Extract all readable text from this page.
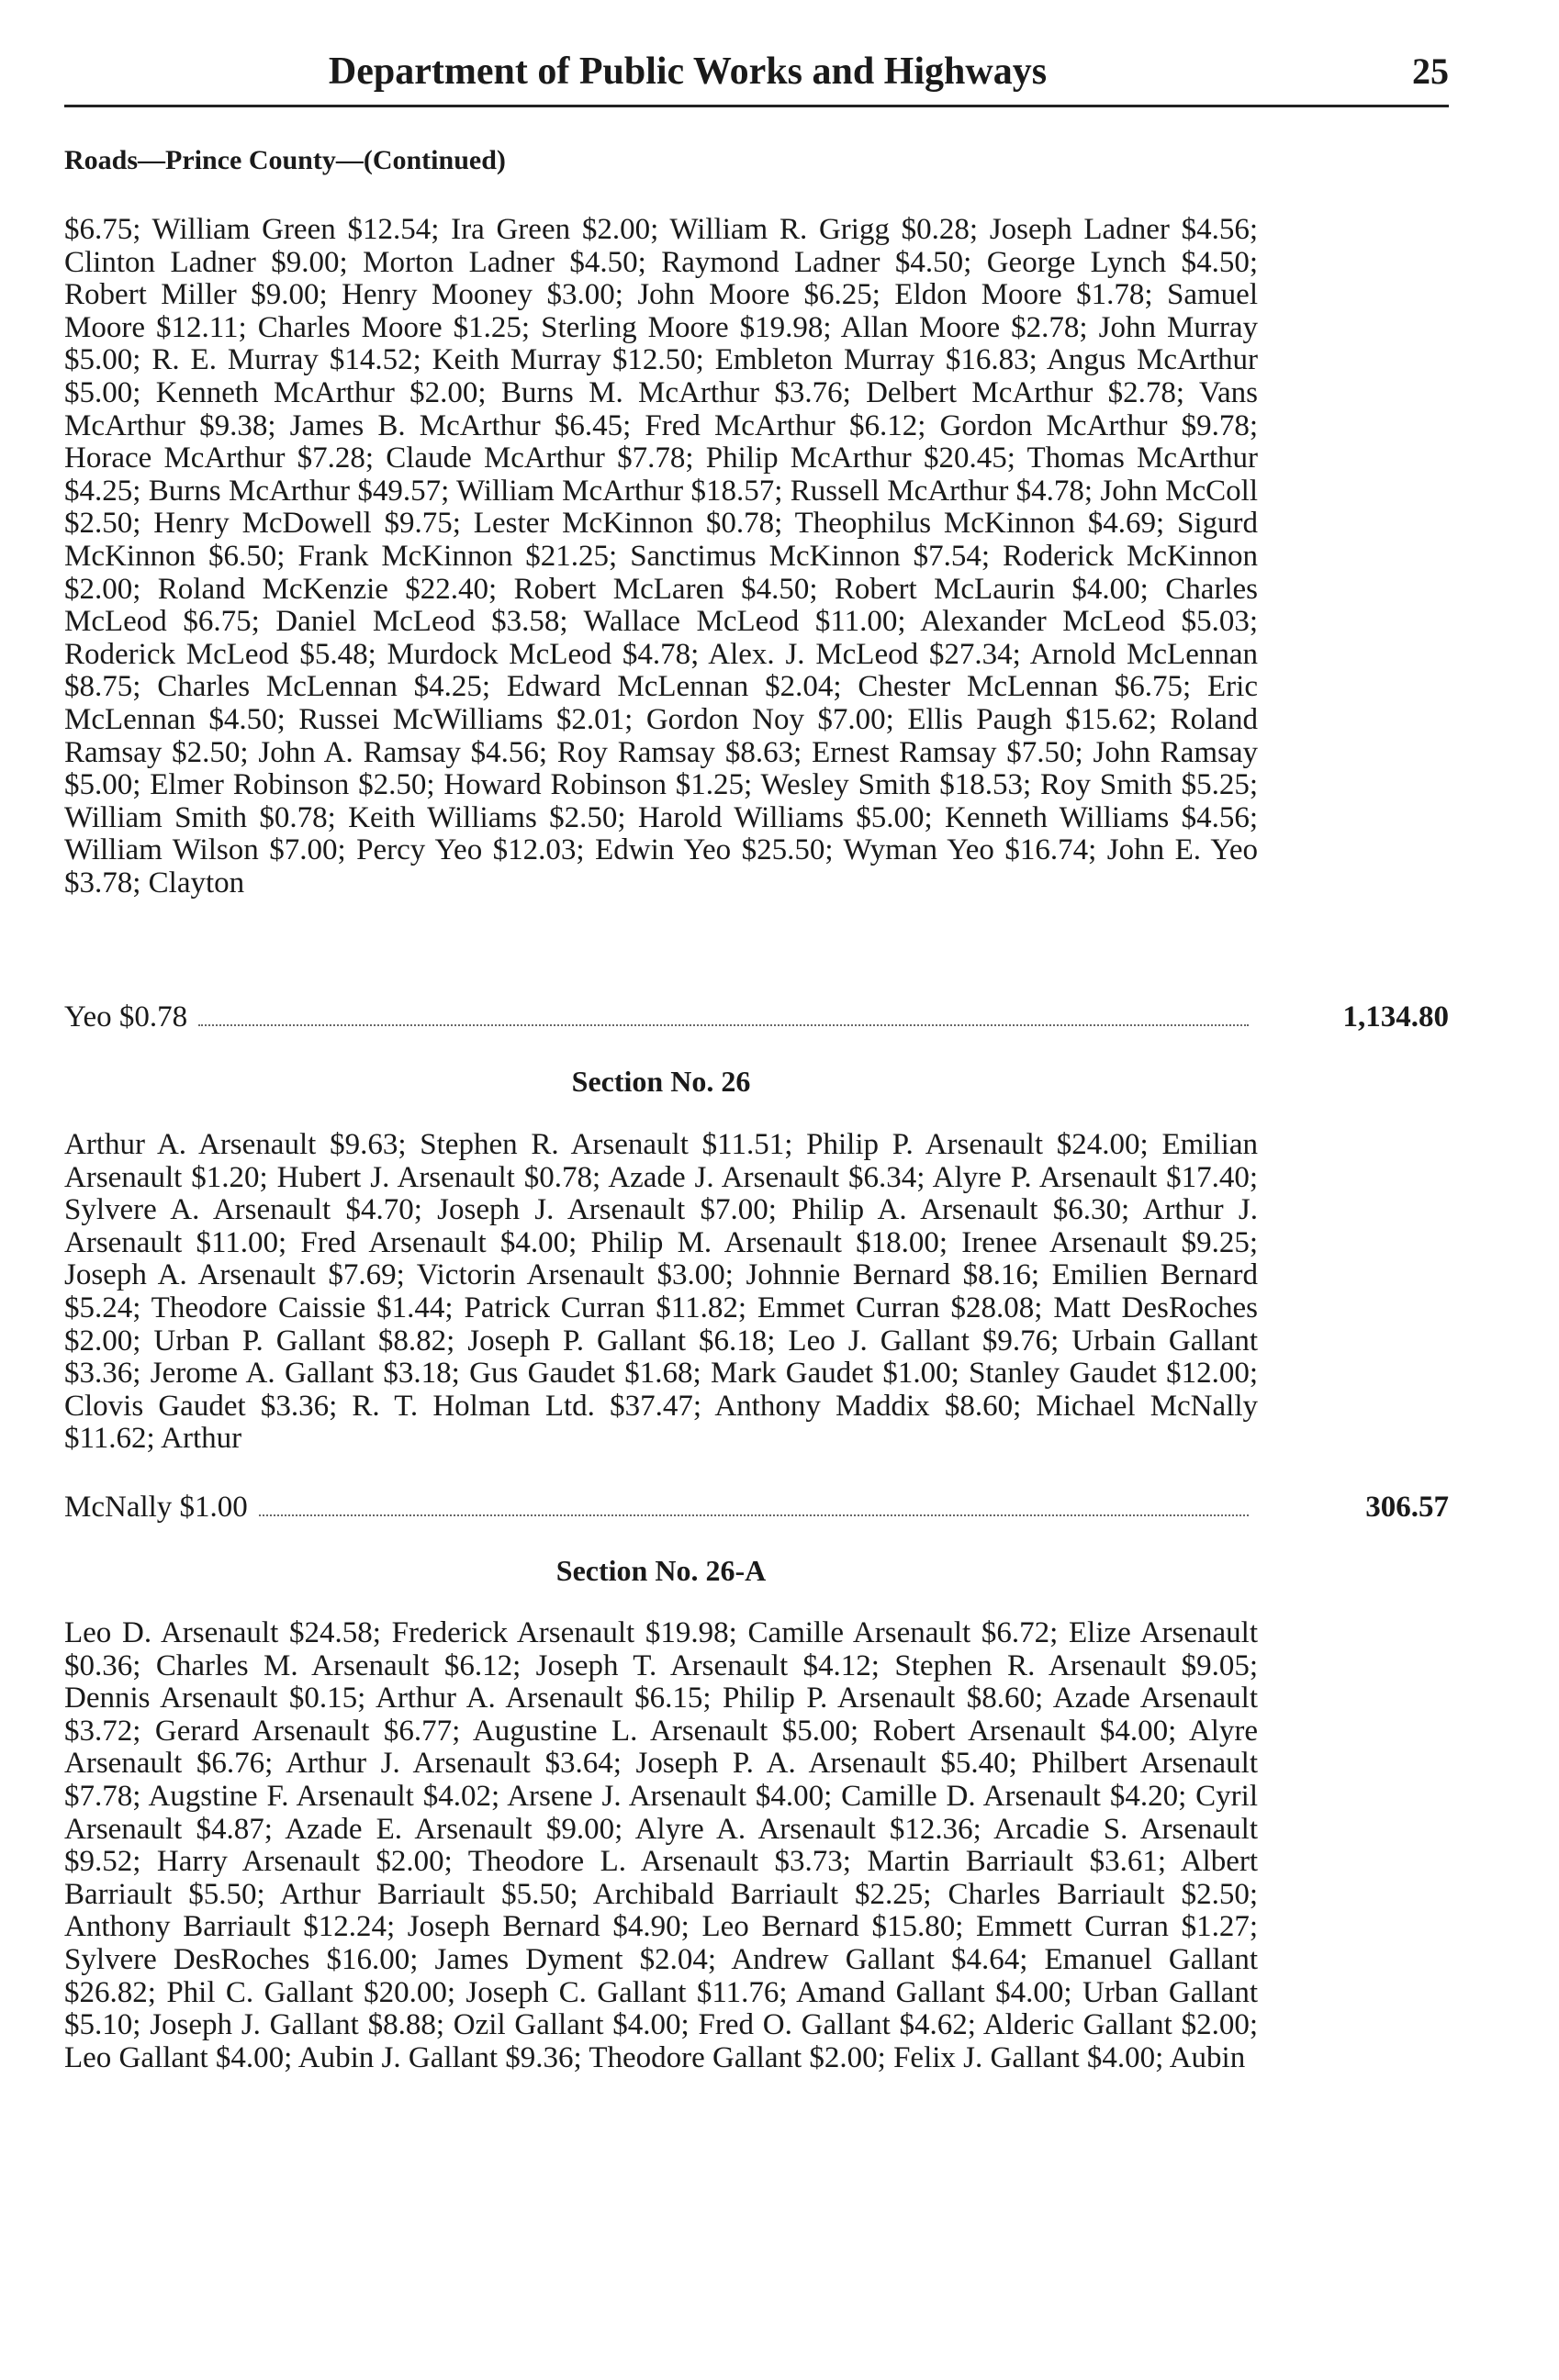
Department of Public Works and Highways	25
Roads—Prince County—(Continued)

$6.75; William Green $12.54; Ira Green $2.00; William R. Grigg $0.28; Joseph Ladner $4.56; Clinton Ladner $9.00; Morton Ladner $4.50; Raymond Ladner $4.50; George Lynch $4.50; Robert Miller $9.00; Henry Mooney $3.00; John Moore $6.25; Eldon Moore $1.78; Samuel Moore $12.11; Charles Moore $1.25; Sterling Moore $19.98; Allan Moore $2.78; John Murray $5.00; R. E. Murray $14.52; Keith Murray $12.50; Embleton Murray $16.83; Angus McArthur $5.00; Kenneth McArthur $2.00; Burns M. McArthur $3.76; Delbert McArthur $2.78; Vans McArthur $9.38; James B. McArthur $6.45; Fred McArthur $6.12; Gordon McArthur $9.78; Horace McArthur $7.28; Claude McArthur $7.78; Philip McArthur $20.45; Thomas McArthur $4.25; Burns McArthur $49.57; William McArthur $18.57; Russell McArthur $4.78; John McColl $2.50; Henry McDowell $9.75; Lester McKinnon $0.78; Theophilus McKinnon $4.69; Sigurd McKinnon $6.50; Frank McKinnon $21.25; Sanctimus McKinnon $7.54; Roderick McKinnon $2.00; Roland McKenzie $22.40; Robert McLaren $4.50; Robert McLaurin $4.00; Charles McLeod $6.75; Daniel McLeod $3.58; Wallace McLeod $11.00; Alexander McLeod $5.03; Roderick McLeod $5.48; Murdock McLeod $4.78; Alex. J. McLeod $27.34; Arnold McLennan $8.75; Charles McLennan $4.25; Edward McLennan $2.04; Chester McLennan $6.75; Eric McLennan $4.50; Russei McWilliams $2.01; Gordon Noy $7.00; Ellis Paugh $15.62; Roland Ramsay $2.50; John A. Ramsay $4.56; Roy Ramsay $8.63; Ernest Ramsay $7.50; John Ramsay $5.00; Elmer Robinson $2.50; Howard Robinson $1.25; Wesley Smith $18.53; Roy Smith $5.25; William Smith $0.78; Keith Williams $2.50; Harold Williams $5.00; Kenneth Williams $4.56; William Wilson $7.00; Percy Yeo $12.03; Edwin Yeo $25.50; Wyman Yeo $16.74; John E. Yeo $3.78; Clayton

Yeo $0.78	1,134.80
Section No. 26

Arthur A. Arsenault $9.63; Stephen R. Arsenault $11.51; Philip P. Arsenault $24.00; Emilian Arsenault $1.20; Hubert J. Arsenault $0.78; Azade J. Arsenault $6.34; Alyre P. Arsenault $17.40; Sylvere A. Arsenault $4.70; Joseph J. Arsenault $7.00; Philip A. Arsenault $6.30; Arthur J. Arsenault $11.00; Fred Arsenault $4.00; Philip M. Arsenault $18.00; Irenee Arsenault $9.25; Joseph A. Arsenault $7.69; Victorin Arsenault $3.00; Johnnie Bernard $8.16; Emilien Bernard $5.24; Theodore Caissie $1.44; Patrick Curran $11.82; Emmet Curran $28.08; Matt DesRoches $2.00; Urban P. Gallant $8.82; Joseph P. Gallant $6.18; Leo J. Gallant $9.76; Urbain Gallant $3.36; Jerome A. Gallant $3.18; Gus Gaudet $1.68; Mark Gaudet $1.00; Stanley Gaudet $12.00; Clovis Gaudet $3.36; R. T. Holman Ltd. $37.47; Anthony Maddix $8.60; Michael McNally $11.62; Arthur

McNally $1.00	306.57
Section No. 26-A

Leo D. Arsenault $24.58; Frederick Arsenault $19.98; Camille Arsenault $6.72; Elize Arsenault $0.36; Charles M. Arsenault $6.12; Joseph T. Arsenault $4.12; Stephen R. Arsenault $9.05; Dennis Arsenault $0.15; Arthur A. Arsenault $6.15; Philip P. Arsenault $8.60; Azade Arsenault $3.72; Gerard Arsenault $6.77; Augustine L. Arsenault $5.00; Robert Arsenault $4.00; Alyre Arsenault $6.76; Arthur J. Arsenault $3.64; Joseph P. A. Arsenault $5.40; Philbert Arsenault $7.78; Augstine F. Arsenault $4.02; Arsene J. Arsenault $4.00; Camille D. Arsenault $4.20; Cyril Arsenault $4.87; Azade E. Arsenault $9.00; Alyre A. Arsenault $12.36; Arcadie S. Arsenault $9.52; Harry Arsenault $2.00; Theodore L. Arsenault $3.73; Martin Barriault $3.61; Albert Barriault $5.50; Arthur Barriault $5.50; Archibald Barriault $2.25; Charles Barriault $2.50; Anthony Barriault $12.24; Joseph Bernard $4.90; Leo Bernard $15.80; Emmett Curran $1.27; Sylvere DesRoches $16.00; James Dyment $2.04; Andrew Gallant $4.64; Emanuel Gallant $26.82; Phil C. Gallant $20.00; Joseph C. Gallant $11.76; Amand Gallant $4.00; Urban Gallant $5.10; Joseph J. Gallant $8.88; Ozil Gallant $4.00; Fred O. Gallant $4.62; Alderic Gallant $2.00; Leo Gallant $4.00; Aubin J. Gallant $9.36; Theodore Gallant $2.00; Felix J. Gallant $4.00; Aubin
